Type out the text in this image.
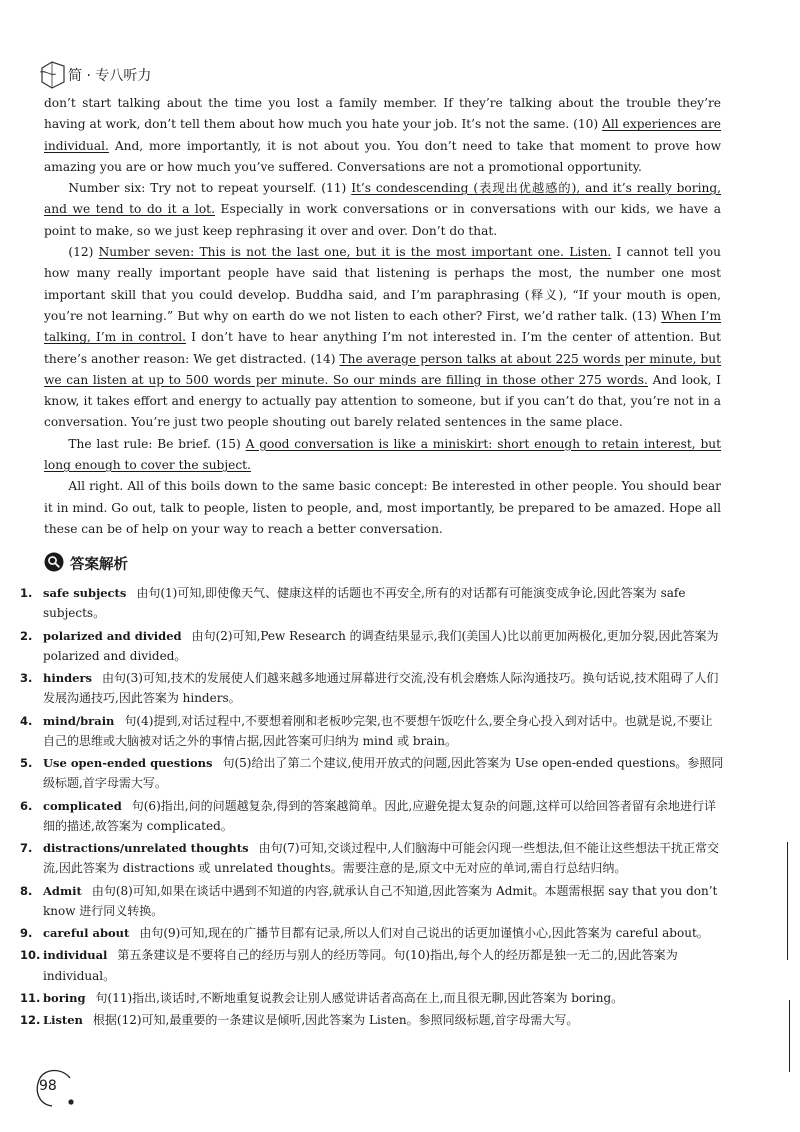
简 · 专八听力

don’t start talking about the time you lost a family member. If they’re talking about the trouble they’re having at work, don’t tell them about how much you hate your job. It’s not the same. (10) All experiences are individual. And, more importantly, it is not about you. You don’t need to take that moment to prove how amazing you are or how much you’ve suffered. Conversations are not a promotional opportunity.

Number six: Try not to repeat yourself. (11) It’s condescending (表现出优越感的), and it’s really boring, and we tend to do it a lot. Especially in work conversations or in conversations with our kids, we have a point to make, so we just keep rephrasing it over and over. Don’t do that.

(12) Number seven: This is not the last one, but it is the most important one. Listen. I cannot tell you how many really important people have said that listening is perhaps the most, the number one most important skill that you could develop. Buddha said, and I’m paraphrasing (释义), “If your mouth is open, you’re not learning.” But why on earth do we not listen to each other? First, we’d rather talk. (13) When I’m talking, I’m in control. I don’t have to hear anything I’m not interested in. I’m the center of attention. But there’s another reason: We get distracted. (14) The average person talks at about 225 words per minute, but we can listen at up to 500 words per minute. So our minds are filling in those other 275 words. And look, I know, it takes effort and energy to actually pay attention to someone, but if you can’t do that, you’re not in a conversation. You’re just two people shouting out barely related sentences in the same place.

The last rule: Be brief. (15) A good conversation is like a miniskirt: short enough to retain interest, but long enough to cover the subject.

All right. All of this boils down to the same basic concept: Be interested in other people. You should bear it in mind. Go out, talk to people, listen to people, and, most importantly, be prepared to be amazed. Hope all these can be of help on your way to reach a better conversation.

答案解析
1. safe subjects 由句(1)可知,即使像天气、健康这样的话题也不再安全,所有的对话都有可能演变成争论,因此答案为 safe subjects。
2. polarized and divided 由句(2)可知,Pew Research 的调查结果显示,我们(美国人)比以前更加两极化,更加分裂,因此答案为 polarized and divided。
3. hinders 由句(3)可知,技术的发展使人们越来越多地通过屏幕进行交流,没有机会磨炼人际沟通技巧。换句话说,技术阻碍了人们发展沟通技巧,因此答案为 hinders。
4. mind/brain 句(4)提到,对话过程中,不要想着刚和老板吵完架,也不要想午饭吃什么,要全身心投入到对话中。也就是说,不要让自己的思维或大脑被对话之外的事情占据,因此答案可归纳为 mind 或 brain。
5. Use open-ended questions 句(5)给出了第二个建议,使用开放式的问题,因此答案为 Use open-ended questions。参照同级标题,首字母需大写。
6. complicated 句(6)指出,问的问题越复杂,得到的答案越简单。因此,应避免提太复杂的问题,这样可以给回答者留有余地进行详细的描述,故答案为 complicated。
7. distractions/unrelated thoughts 由句(7)可知,交谈过程中,人们脑海中可能会闪现一些想法,但不能让这些想法干扰正常交流,因此答案为 distractions 或 unrelated thoughts。需要注意的是,原文中无对应的单词,需自行总结归纳。
8. Admit 由句(8)可知,如果在谈话中遇到不知道的内容,就承认自己不知道,因此答案为 Admit。本题需根据 say that you don’t know 进行同义转换。
9. careful about 由句(9)可知,现在的广播节目都有记录,所以人们对自己说出的话更加谨慎小心,因此答案为 careful about。
10. individual 第五条建议是不要将自己的经历与别人的经历等同。句(10)指出,每个人的经历都是独一无二的,因此答案为 individual。
11. boring 句(11)指出,谈话时,不断地重复说教会让别人感觉讲话者高高在上,而且很无聊,因此答案为 boring。
12. Listen 根据(12)可知,最重要的一条建议是倾听,因此答案为 Listen。参照同级标题,首字母需大写。
98
